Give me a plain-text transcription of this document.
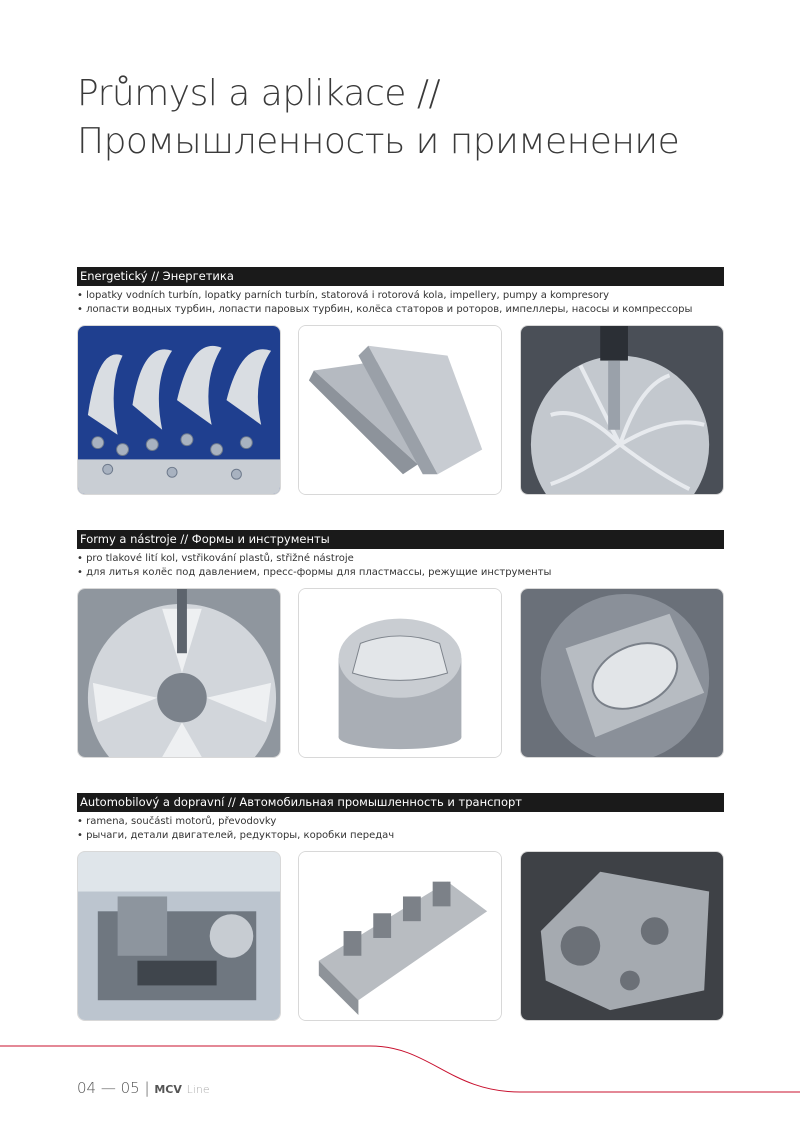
Průmysl a aplikace //
Промышленность и применение
Energetický // Энергетика
• lopatky vodních turbín, lopatky parních turbín, statorová i rotorová kola, impellery, pumpy a kompresory
• лопасти водных турбин, лопасти паровых турбин, колёса статоров и роторов, импеллеры, насосы и компрессоры
Formy a nástroje // Формы и инструменты
• pro tlakové lití kol, vstřikování plastů, střižné nástroje
• для литья колёс под давлением, пресс-формы для пластмассы, режущие инструменты
Automobilový a dopravní // Автомобильная промышленность и транспорт
• ramena, součásti motorů, převodovky
• рычаги, детали двигателей, редукторы, коробки передач
04 — 05 | MCV Line
